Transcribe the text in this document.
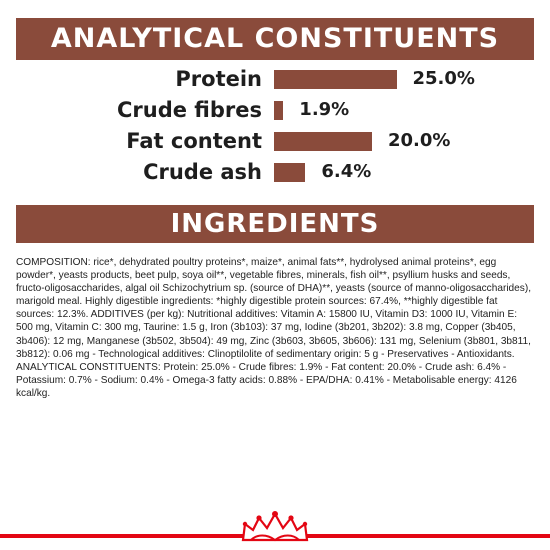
ANALYTICAL CONSTITUENTS
Protein	25.0%
Crude fibres 1.9%
Fat content	20.0%
Crude ash	6.4%
INGREDIENTS
COMPOSITION: rice*, dehydrated poultry proteins*, maize*, animal fats**, hydrolysed animal proteins*, egg powder*, yeasts products, beet pulp, soya oil**, vegetable fibres, minerals, fish oil**, psyllium husks and seeds, fructo-oligosaccharides, algal oil Schizochytrium sp. (source of DHA)**, yeasts (source of manno-oligosaccharides), marigold meal. Highly digestible ingredients: *highly digestible protein sources: 67.4%, **highly digestible fat sources: 12.3%. ADDITIVES (per kg): Nutritional additives: Vitamin A: 15800 IU, Vitamin D3: 1000 IU, Vitamin E: 500 mg, Vitamin C: 300 mg, Taurine: 1.5 g, Iron (3b103): 37 mg, Iodine (3b201, 3b202): 3.8 mg, Copper (3b405, 3b406): 12 mg, Manganese (3b502, 3b504): 49 mg, Zinc (3b603, 3b605, 3b606): 131 mg, Selenium (3b801, 3b811, 3b812): 0.06 mg - Technological additives: Clinoptilolite of sedimentary origin: 5 g - Preservatives - Antioxidants. ANALYTICAL CONSTITUENTS: Protein: 25.0% - Crude fibres: 1.9% - Fat content: 20.0% - Crude ash: 6.4% - Potassium: 0.7% - Sodium: 0.4% - Omega-3 fatty acids: 0.88% - EPA/DHA: 0.41% - Metabolisable energy: 4126 kcal/kg.
